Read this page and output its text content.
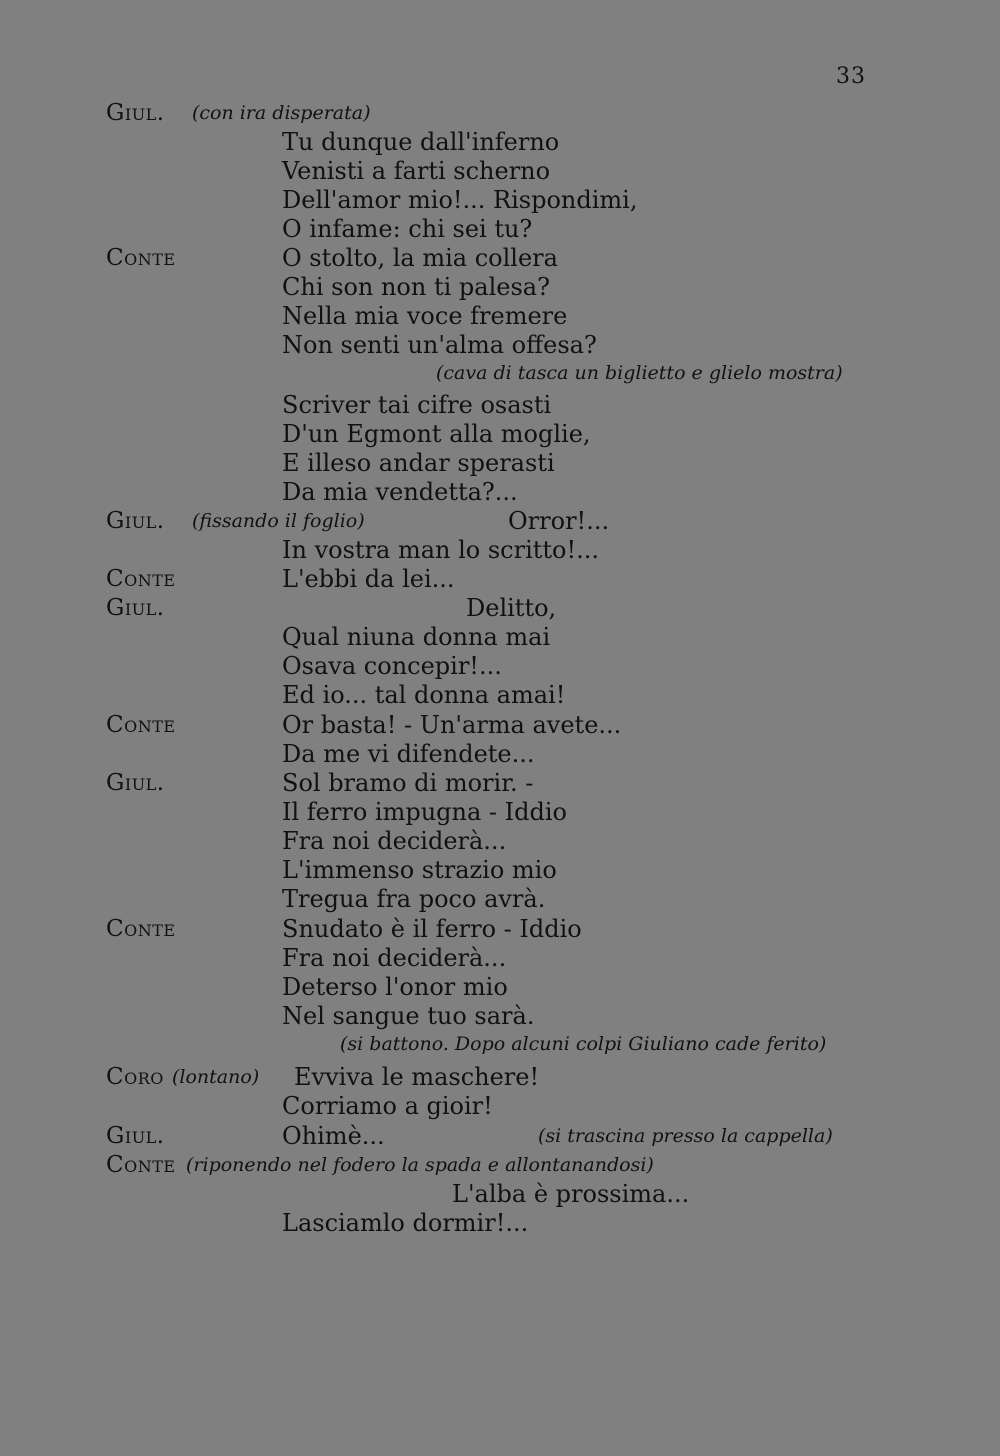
33
Giul. (con ira disperata)
Tu dunque dall'inferno
Venisti a farti scherno
Dell'amor mio!... Rispondimi,
O infame: chi sei tu?
Conte	O stolto, la mia collera
Chi son non ti palesa?
Nella mia voce fremere
Non senti un'alma offesa?
(cava di tasca un biglietto e glielo mostra)
Scriver tai cifre osasti
D'un Egmont alla moglie,
E illeso andar sperasti
Da mia vendetta?...
Giul. (fissando il foglio)	Orror!...
In vostra man lo scritto!...
Conte	L'ebbi da lei...
Giul.	Delitto,
Qual niuna donna mai
Osava concepir!...
Ed io... tal donna amai!
Conte	Or basta! - Un'arma avete...
Da me vi difendete...
Giul.	Sol bramo di morir. -
Il ferro impugna - Iddio
Fra noi deciderà...
L'immenso strazio mio
Tregua fra poco avrà.
Conte	Snudato è il ferro - Iddio
Fra noi deciderà...
Deterso l'onor mio
Nel sangue tuo sarà.
(si battono. Dopo alcuni colpi Giuliano cade ferito)
Coro (lontano) Evviva le maschere!
Corriamo a gioir!
Giul.	Ohimè...	(si trascina presso la cappella)
Conte (riponendo nel fodero la spada e allontanandosi)
L'alba è prossima...
Lasciamlo dormir!...
